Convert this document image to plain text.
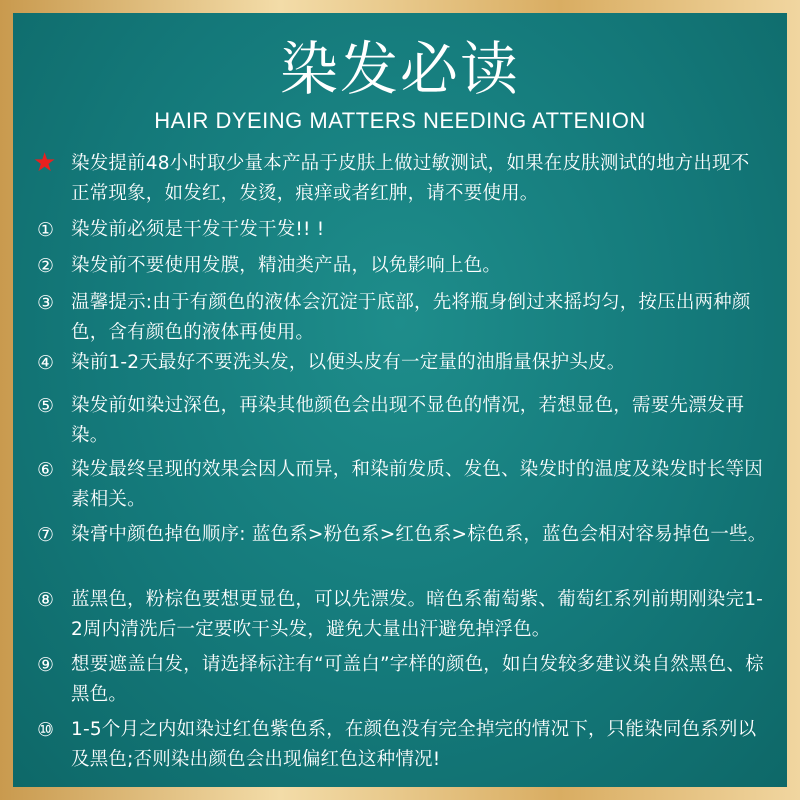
染发必读
HAIR DYEING MATTERS NEEDING ATTENION
★ 染发提前48小时取少量本产品于皮肤上做过敏测试，如果在皮肤测试的地方出现不正常现象，如发红，发烫，痕痒或者红肿，请不要使用。
① 染发前必须是干发干发干发!! !
② 染发前不要使用发膜，精油类产品，以免影响上色。
③ 温馨提示:由于有颜色的液体会沉淀于底部，先将瓶身倒过来摇均匀，按压出两种颜色，含有颜色的液体再使用。
④ 染前1-2天最好不要洗头发，以便头皮有一定量的油脂量保护头皮。
⑤ 染发前如染过深色，再染其他颜色会出现不显色的情况，若想显色，需要先漂发再染。
⑥ 染发最终呈现的效果会因人而异，和染前发质、发色、染发时的温度及染发时长等因素相关。
⑦ 染膏中颜色掉色顺序: 蓝色系>粉色系>红色系>棕色系，蓝色会相对容易掉色一些。
⑧ 蓝黑色，粉棕色要想更显色，可以先漂发。暗色系葡萄紫、葡萄红系列前期刚染完1-2周内清洗后一定要吹干头发，避免大量出汗避免掉浮色。
⑨ 想要遮盖白发，请选择标注有“可盖白”字样的颜色，如白发较多建议染自然黑色、棕黑色。
⑩ 1-5个月之内如染过红色紫色系，在颜色没有完全掉完的情况下，只能染同色系列以及黑色;否则染出颜色会出现偏红色这种情况!
